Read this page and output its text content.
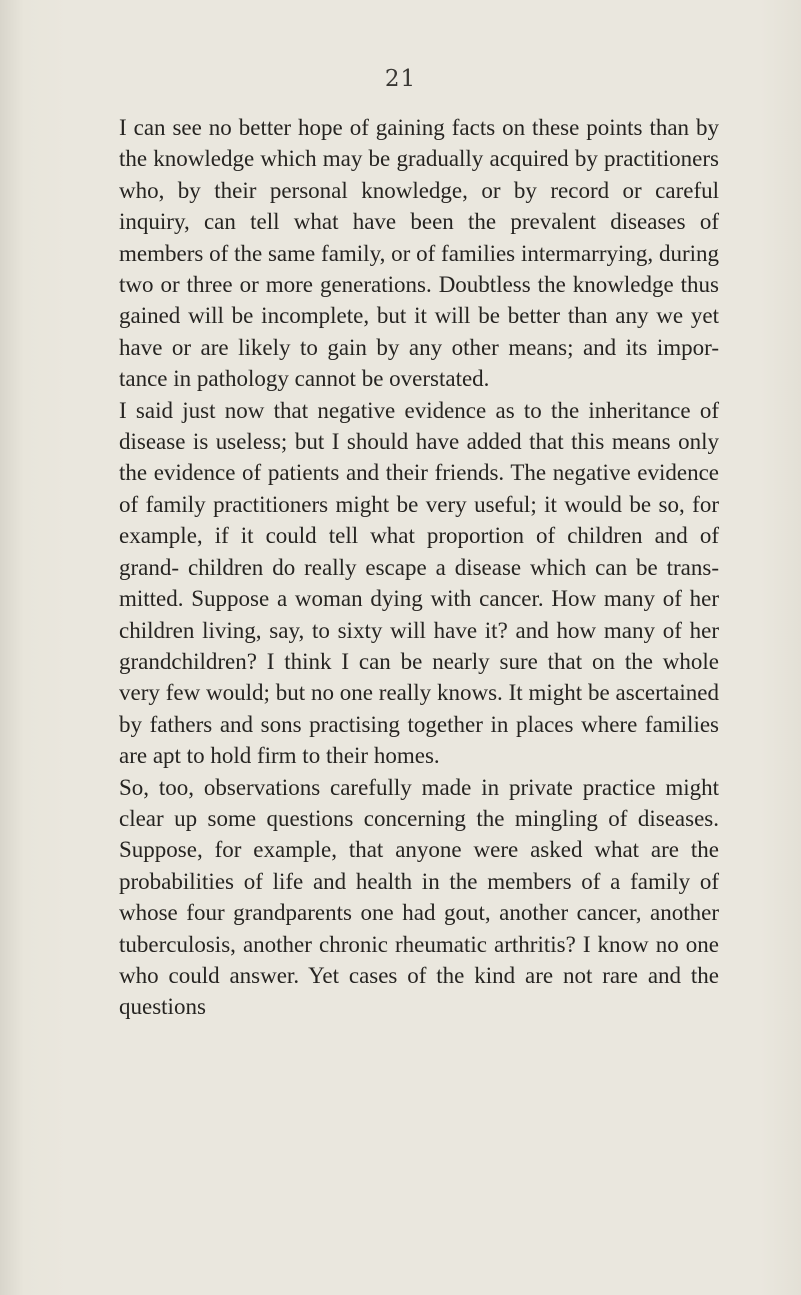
21

I can see no better hope of gaining facts on these points than by the knowledge which may be gradually acquired by practitioners who, by their personal knowledge, or by record or careful inquiry, can tell what have been the prevalent diseases of members of the same family, or of families intermarrying, during two or three or more generations. Doubtless the knowledge thus gained will be incomplete, but it will be better than any we yet have or are likely to gain by any other means; and its impor- tance in pathology cannot be overstated.

I said just now that negative evidence as to the inheritance of disease is useless; but I should have added that this means only the evidence of patients and their friends. The negative evidence of family practitioners might be very useful; it would be so, for example, if it could tell what proportion of children and of grand- children do really escape a disease which can be trans- mitted. Suppose a woman dying with cancer. How many of her children living, say, to sixty will have it? and how many of her grandchildren? I think I can be nearly sure that on the whole very few would; but no one really knows. It might be ascertained by fathers and sons practising together in places where families are apt to hold firm to their homes.

So, too, observations carefully made in private practice might clear up some questions concerning the mingling of diseases. Suppose, for example, that anyone were asked what are the probabilities of life and health in the members of a family of whose four grandparents one had gout, another cancer, another tuberculosis, another chronic rheumatic arthritis? I know no one who could answer. Yet cases of the kind are not rare and the questions
